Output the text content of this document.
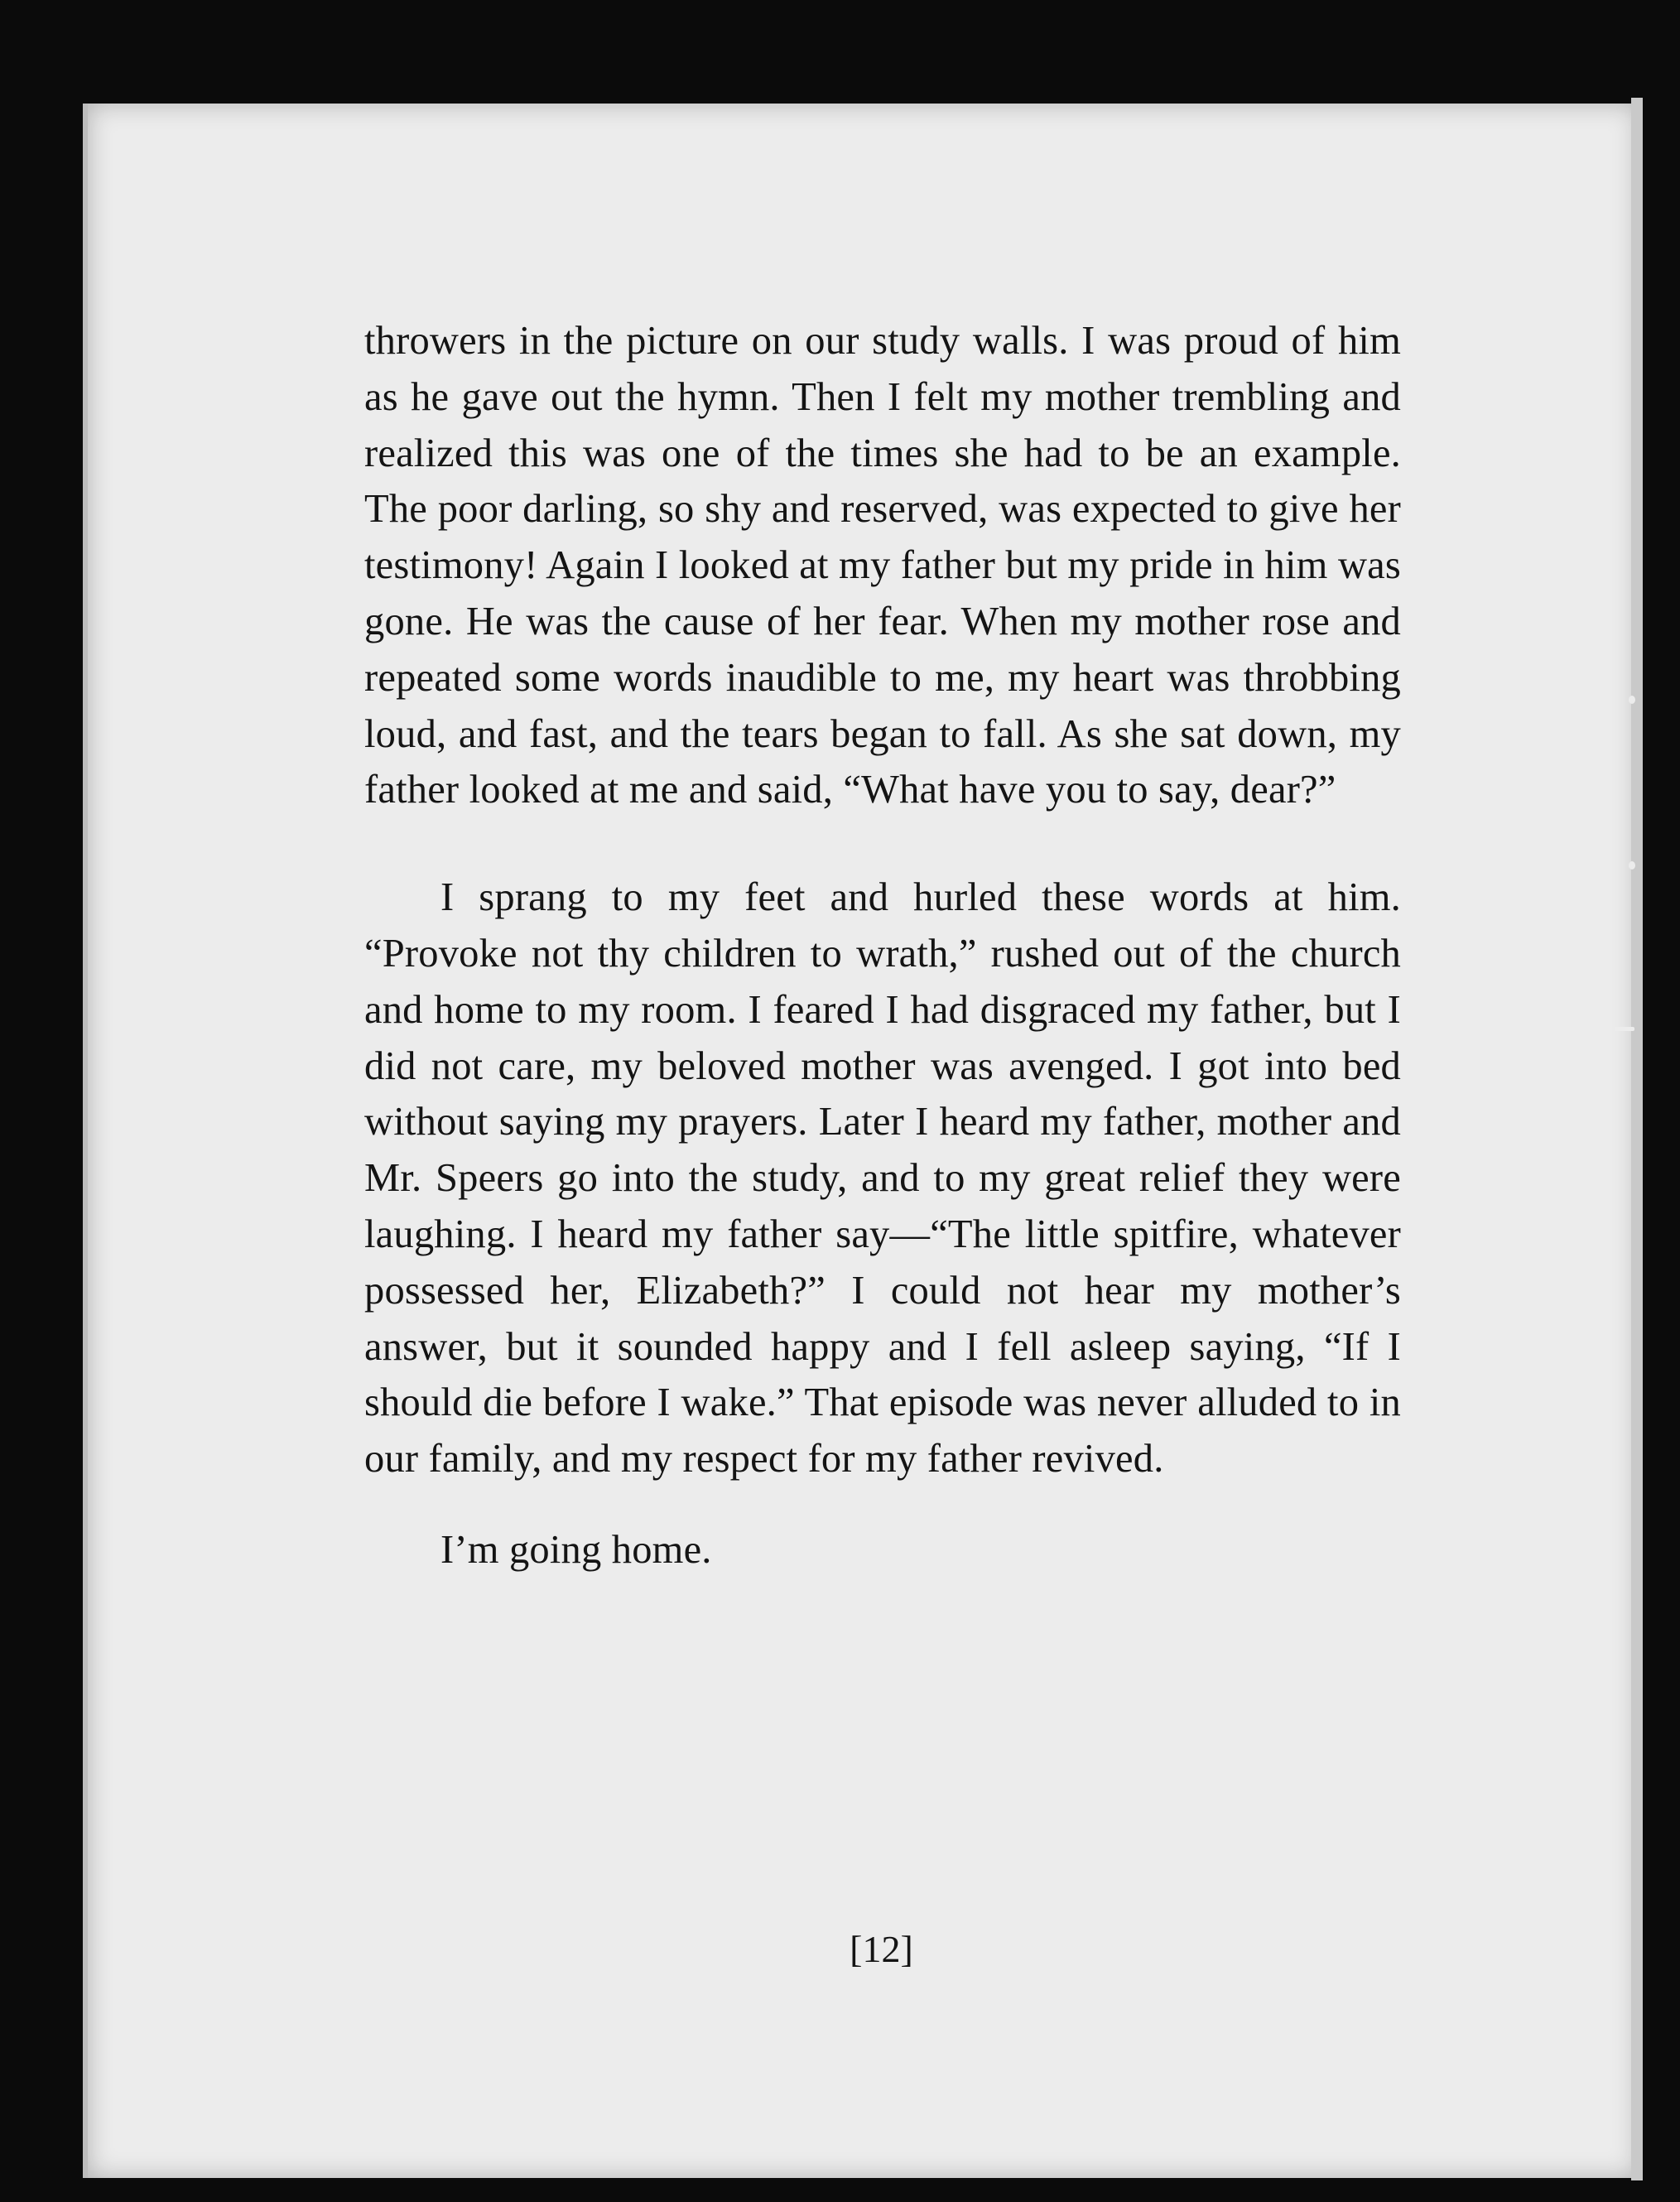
throwers in the picture on our study walls. I was proud of him as he gave out the hymn. Then I felt my mother trembling and realized this was one of the times she had to be an example. The poor darling, so shy and reserved, was expected to give her testimony! Again I looked at my father but my pride in him was gone. He was the cause of her fear. When my mother rose and repeated some words inaudible to me, my heart was throbbing loud, and fast, and the tears began to fall. As she sat down, my father looked at me and said, “What have you to say, dear?”

I sprang to my feet and hurled these words at him. “Provoke not thy children to wrath,” rushed out of the church and home to my room. I feared I had disgraced my father, but I did not care, my beloved mother was avenged. I got into bed without saying my prayers. Later I heard my father, mother and Mr. Speers go into the study, and to my great relief they were laughing. I heard my father say—“The little spitfire, whatever possessed her, Elizabeth?” I could not hear my mother’s answer, but it sounded happy and I fell asleep saying, “If I should die before I wake.” That episode was never alluded to in our family, and my respect for my father revived.

I’m going home.

[12]
